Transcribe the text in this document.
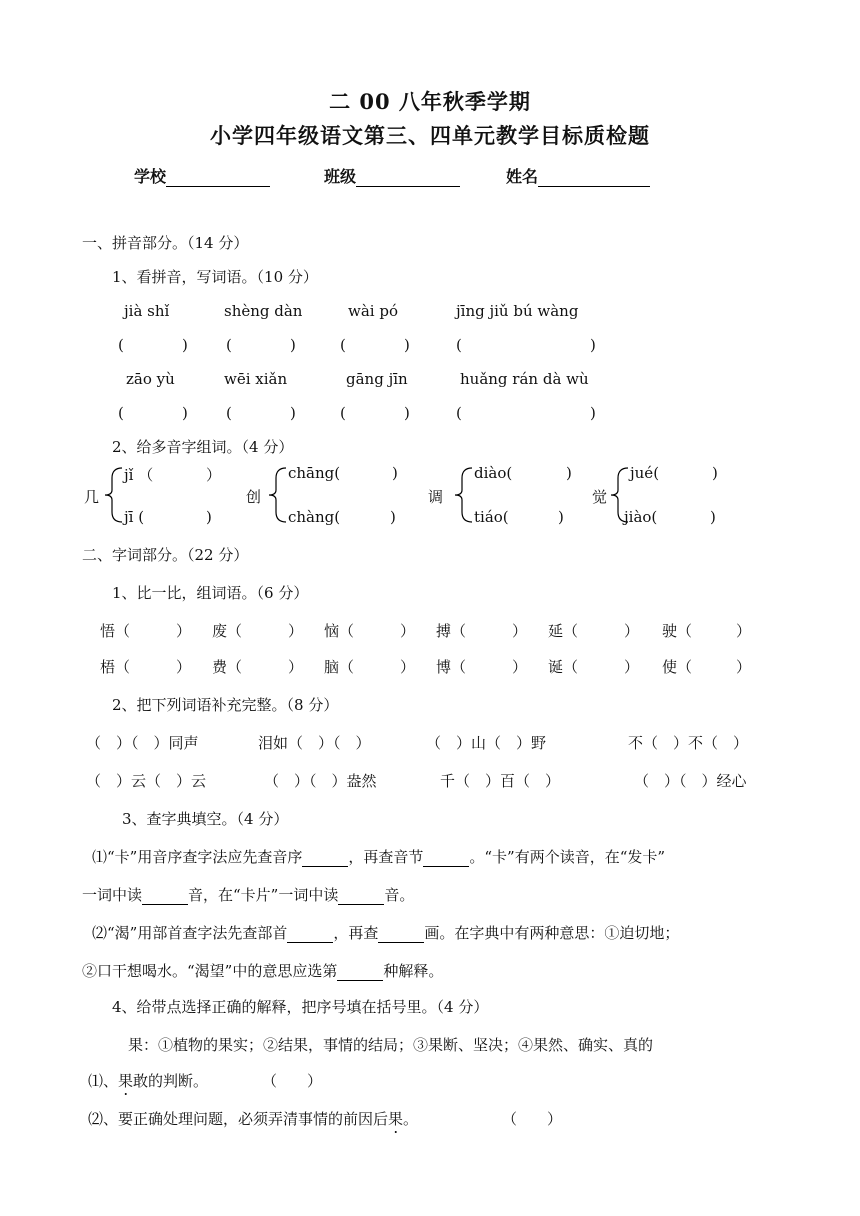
二 00 八年秋季学期
小学四年级语文第三、四单元教学目标质检题
学校	班级	姓名
一、拼音部分。（14 分）
1、看拼音，写词语。（10 分）
jià shǐ	shèng dàn	wài pó	jīng jiǔ bú wàng
(	)	(	)	(	)	(	)
zāo yù	wēi xiǎn	gāng jīn	huǎng rán dà wù
(	)	(	)	(	)	(	)
2、给多音字组词。（4 分）
几
jǐ （	）
jī (	)
创
chāng(	)
chàng(	)
调
diào(	)
tiáo(	)
觉
jué(	)
jiào(	)
二、字词部分。（22 分）
1、比一比，组词语。（6 分）
悟（	） 废（	） 恼（	） 搏（	） 延（	） 驶（	）
梧（	） 费（	） 脑（	） 博（	） 诞（	） 使（	）
2、把下列词语补充完整。（8 分）
（　）（　）同声	泪如（　）（　）	（　）山（　）野	不（　）不（　）
（　）云（　）云	（　）（　）盎然	千（　）百（　）	（　）（　）经心
3、查字典填空。（4 分）
⑴“卡”用音序查字法应先查音序	，再查音节	。“卡”有两个读音，在“发卡”
一词中读	音，在“卡片”一词中读	音。
⑵“渴”用部首查字法先查部首	，再查	画。在字典中有两种意思：①迫切地；
②口干想喝水。“渴望”中的意思应选第	种解释。
4、给带点选择正确的解释，把序号填在括号里。（4 分）
果：①植物的果实；②结果，事情的结局；③果断、坚决；④果然、确实、真的
⑴、果敢的判断。	（　　）
⑵、要正确处理问题，必须弄清事情的前因后果。	（　　）
